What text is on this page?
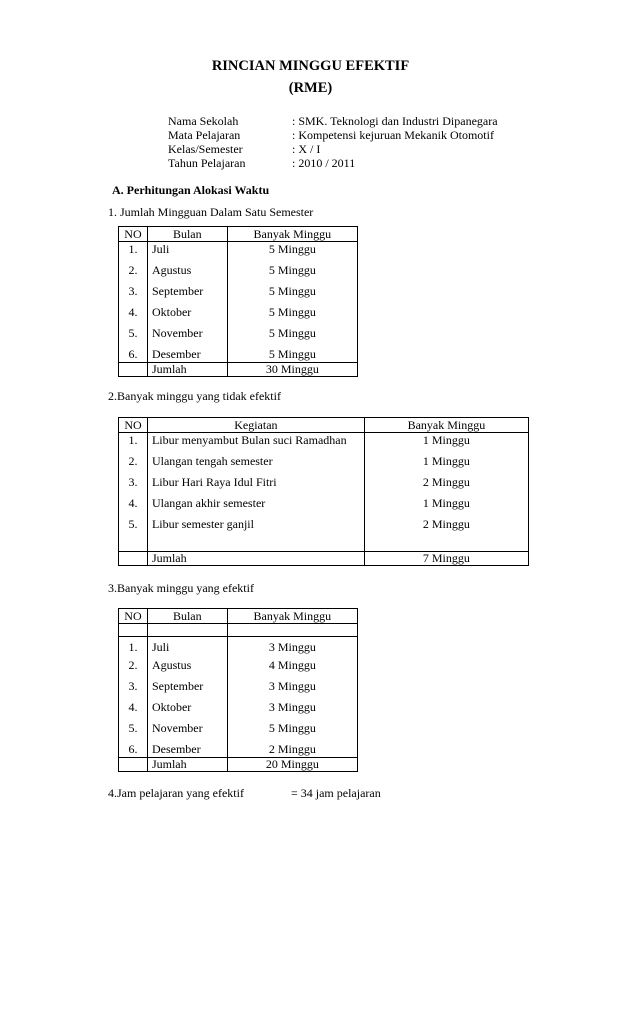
RINCIAN MINGGU EFEKTIF
(RME)
Nama Sekolah	: SMK. Teknologi dan Industri Dipanegara
Mata Pelajaran	: Kompetensi kejuruan Mekanik Otomotif
Kelas/Semester	: X / I
Tahun Pelajaran	: 2010 / 2011
A. Perhitungan Alokasi Waktu
1. Jumlah Mingguan Dalam Satu Semester
NO	Bulan	Banyak Minggu
1.	Juli	5 Minggu
2.	Agustus	5 Minggu
3.	September	5 Minggu
4.	Oktober	5 Minggu
5.	November	5 Minggu
6.	Desember	5 Minggu
	Jumlah	30 Minggu
2.Banyak minggu yang tidak efektif
NO	Kegiatan	Banyak Minggu
1.	Libur menyambut Bulan suci Ramadhan	1 Minggu
2.	Ulangan tengah semester	1 Minggu
3.	Libur Hari Raya Idul Fitri	2 Minggu
4.	Ulangan akhir semester	1 Minggu
5.	Libur semester ganjil	2 Minggu
	Jumlah	7 Minggu
3.Banyak minggu yang efektif
NO	Bulan	Banyak Minggu

1.	Juli	3 Minggu
2.	Agustus	4 Minggu
3.	September	3 Minggu
4.	Oktober	3 Minggu
5.	November	5 Minggu
6.	Desember	2 Minggu
	Jumlah	20 Minggu
4.Jam pelajaran yang efektif	= 34 jam pelajaran
